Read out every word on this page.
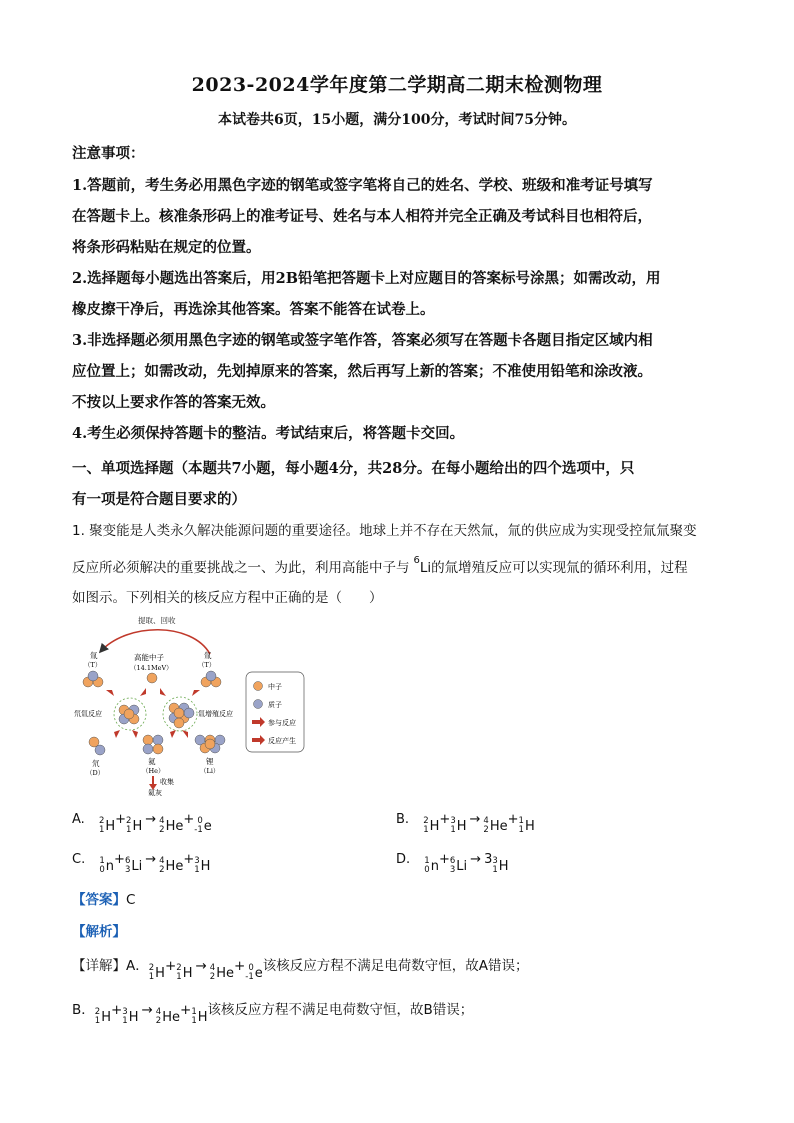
2023-2024学年度第二学期高二期末检测物理
本试卷共6页，15小题，满分100分，考试时间75分钟。
注意事项：

1.答题前，考生务必用黑色字迹的钢笔或签字笔将自己的姓名、学校、班级和准考证号填写

在答题卡上。核准条形码上的准考证号、姓名与本人相符并完全正确及考试科目也相符后，

将条形码粘贴在规定的位置。

2.选择题每小题选出答案后，用2B铅笔把答题卡上对应题目的答案标号涂黑；如需改动，用

橡皮擦干净后，再选涂其他答案。答案不能答在试卷上。

3.非选择题必须用黑色字迹的钢笔或签字笔作答，答案必须写在答题卡各题目指定区域内相

应位置上；如需改动，先划掉原来的答案，然后再写上新的答案；不准使用铅笔和涂改液。

不按以上要求作答的答案无效。

4.考生必须保持答题卡的整洁。考试结束后，将答题卡交回。

一、单项选择题（本题共7小题，每小题4分，共28分。在每小题给出的四个选项中，只

有一项是符合题目要求的）

1. 聚变能是人类永久解决能源问题的重要途径。地球上并不存在天然氚，氚的供应成为实现受控氚氚聚变

反应所必须解决的重要挑战之一、为此，利用高能中子与 $^6$Li的氚增殖反应可以实现氚的循环利用，过程

如图示。下列相关的核反应方程中正确的是（　　）

提取、回收
氚
（T）
高能中子
（14.1MeV）
氚
（T）
氘氚反应	氚增殖反应
氘
（D）
氦
（He）
收集
氦灰
锂
（Li）
中子
质子
参与反应
反应产生
A. 2
1 H + 2
1 H → 4
2 He + 0
-1 e	B. 2
1 H + 3
1 H → 4
2 He + 1
1 H
C. 1
0 n + 6
3 Li → 4
2 He + 3
1 H	D. 1
0 n + 6
3 Li → 3 3
1 H
【答案】C
【解析】
【详解】A． 2
1 H + 2
1 H → 4
2 He + 0
-1 e 该核反应方程不满足电荷数守恒，故A错误；
B． 2
1 H + 3
1 H → 4
2 He + 1
1 H 该核反应方程不满足电荷数守恒，故B错误；
